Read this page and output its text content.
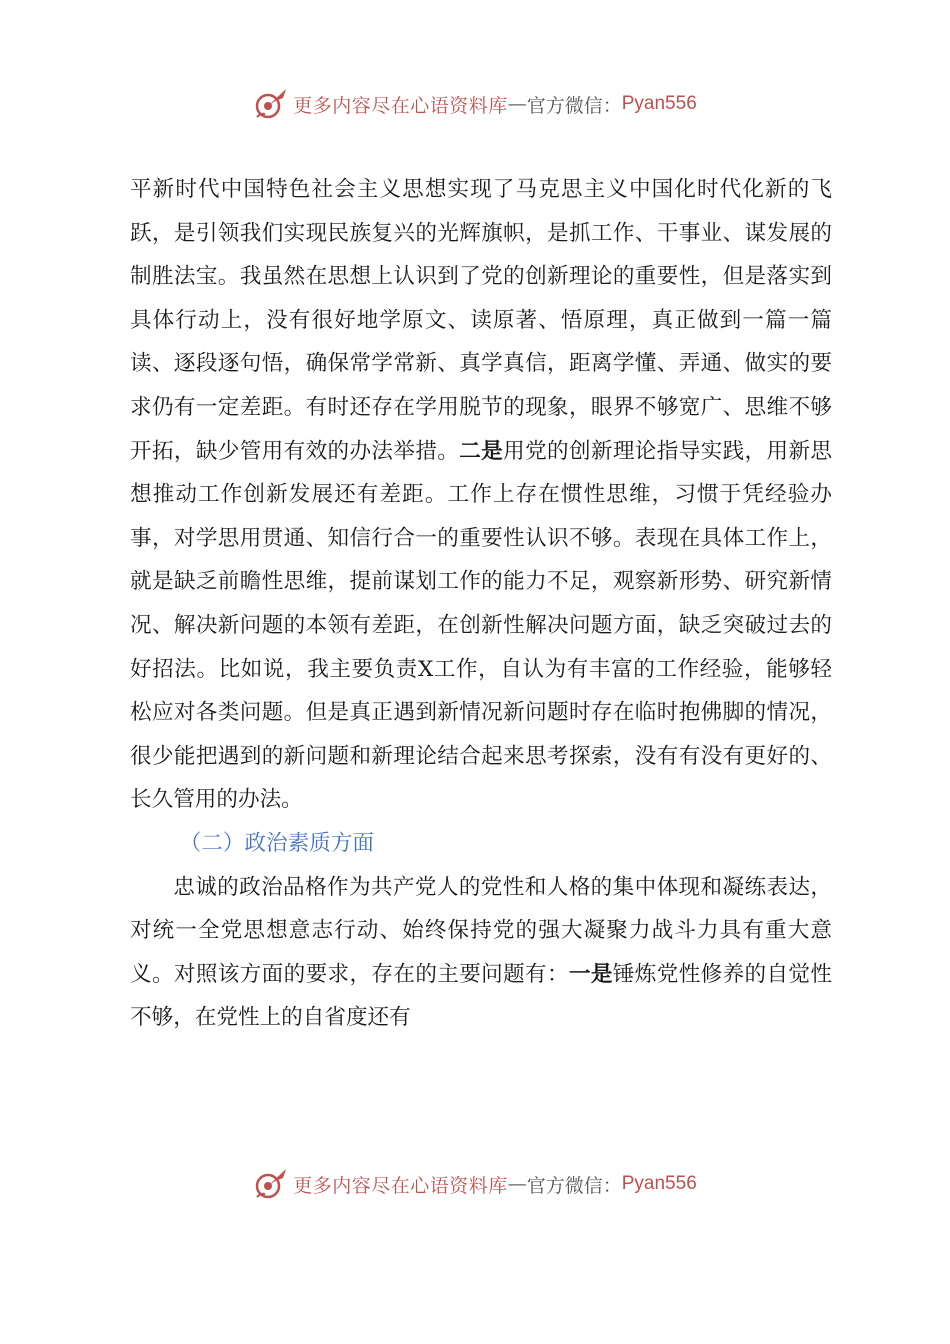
更多内容尽在心语资料库 — 官方微信： Pyan556

平新时代中国特色社会主义思想实现了马克思主义中国化时代化新的飞跃，是引领我们实现民族复兴的光辉旗帜，是抓工作、干事业、谋发展的制胜法宝。我虽然在思想上认识到了党的创新理论的重要性，但是落实到具体行动上，没有很好地学原文、读原著、悟原理，真正做到一篇一篇读、逐段逐句悟，确保常学常新、真学真信，距离学懂、弄通、做实的要求仍有一定差距。有时还存在学用脱节的现象，眼界不够宽广、思维不够开拓，缺少管用有效的办法举措。二是用党的创新理论指导实践，用新思想推动工作创新发展还有差距。工作上存在惯性思维，习惯于凭经验办事，对学思用贯通、知信行合一的重要性认识不够。表现在具体工作上，就是缺乏前瞻性思维，提前谋划工作的能力不足，观察新形势、研究新情况、解决新问题的本领有差距，在创新性解决问题方面，缺乏突破过去的好招法。比如说，我主要负责X工作，自认为有丰富的工作经验，能够轻松应对各类问题。但是真正遇到新情况新问题时存在临时抱佛脚的情况，很少能把遇到的新问题和新理论结合起来思考探索，没有有没有更好的、长久管用的办法。

（二）政治素质方面

忠诚的政治品格作为共产党人的党性和人格的集中体现和凝练表达，对统一全党思想意志行动、始终保持党的强大凝聚力战斗力具有重大意义。对照该方面的要求，存在的主要问题有：一是锤炼党性修养的自觉性不够，在党性上的自省度还有

更多内容尽在心语资料库 — 官方微信： Pyan556
